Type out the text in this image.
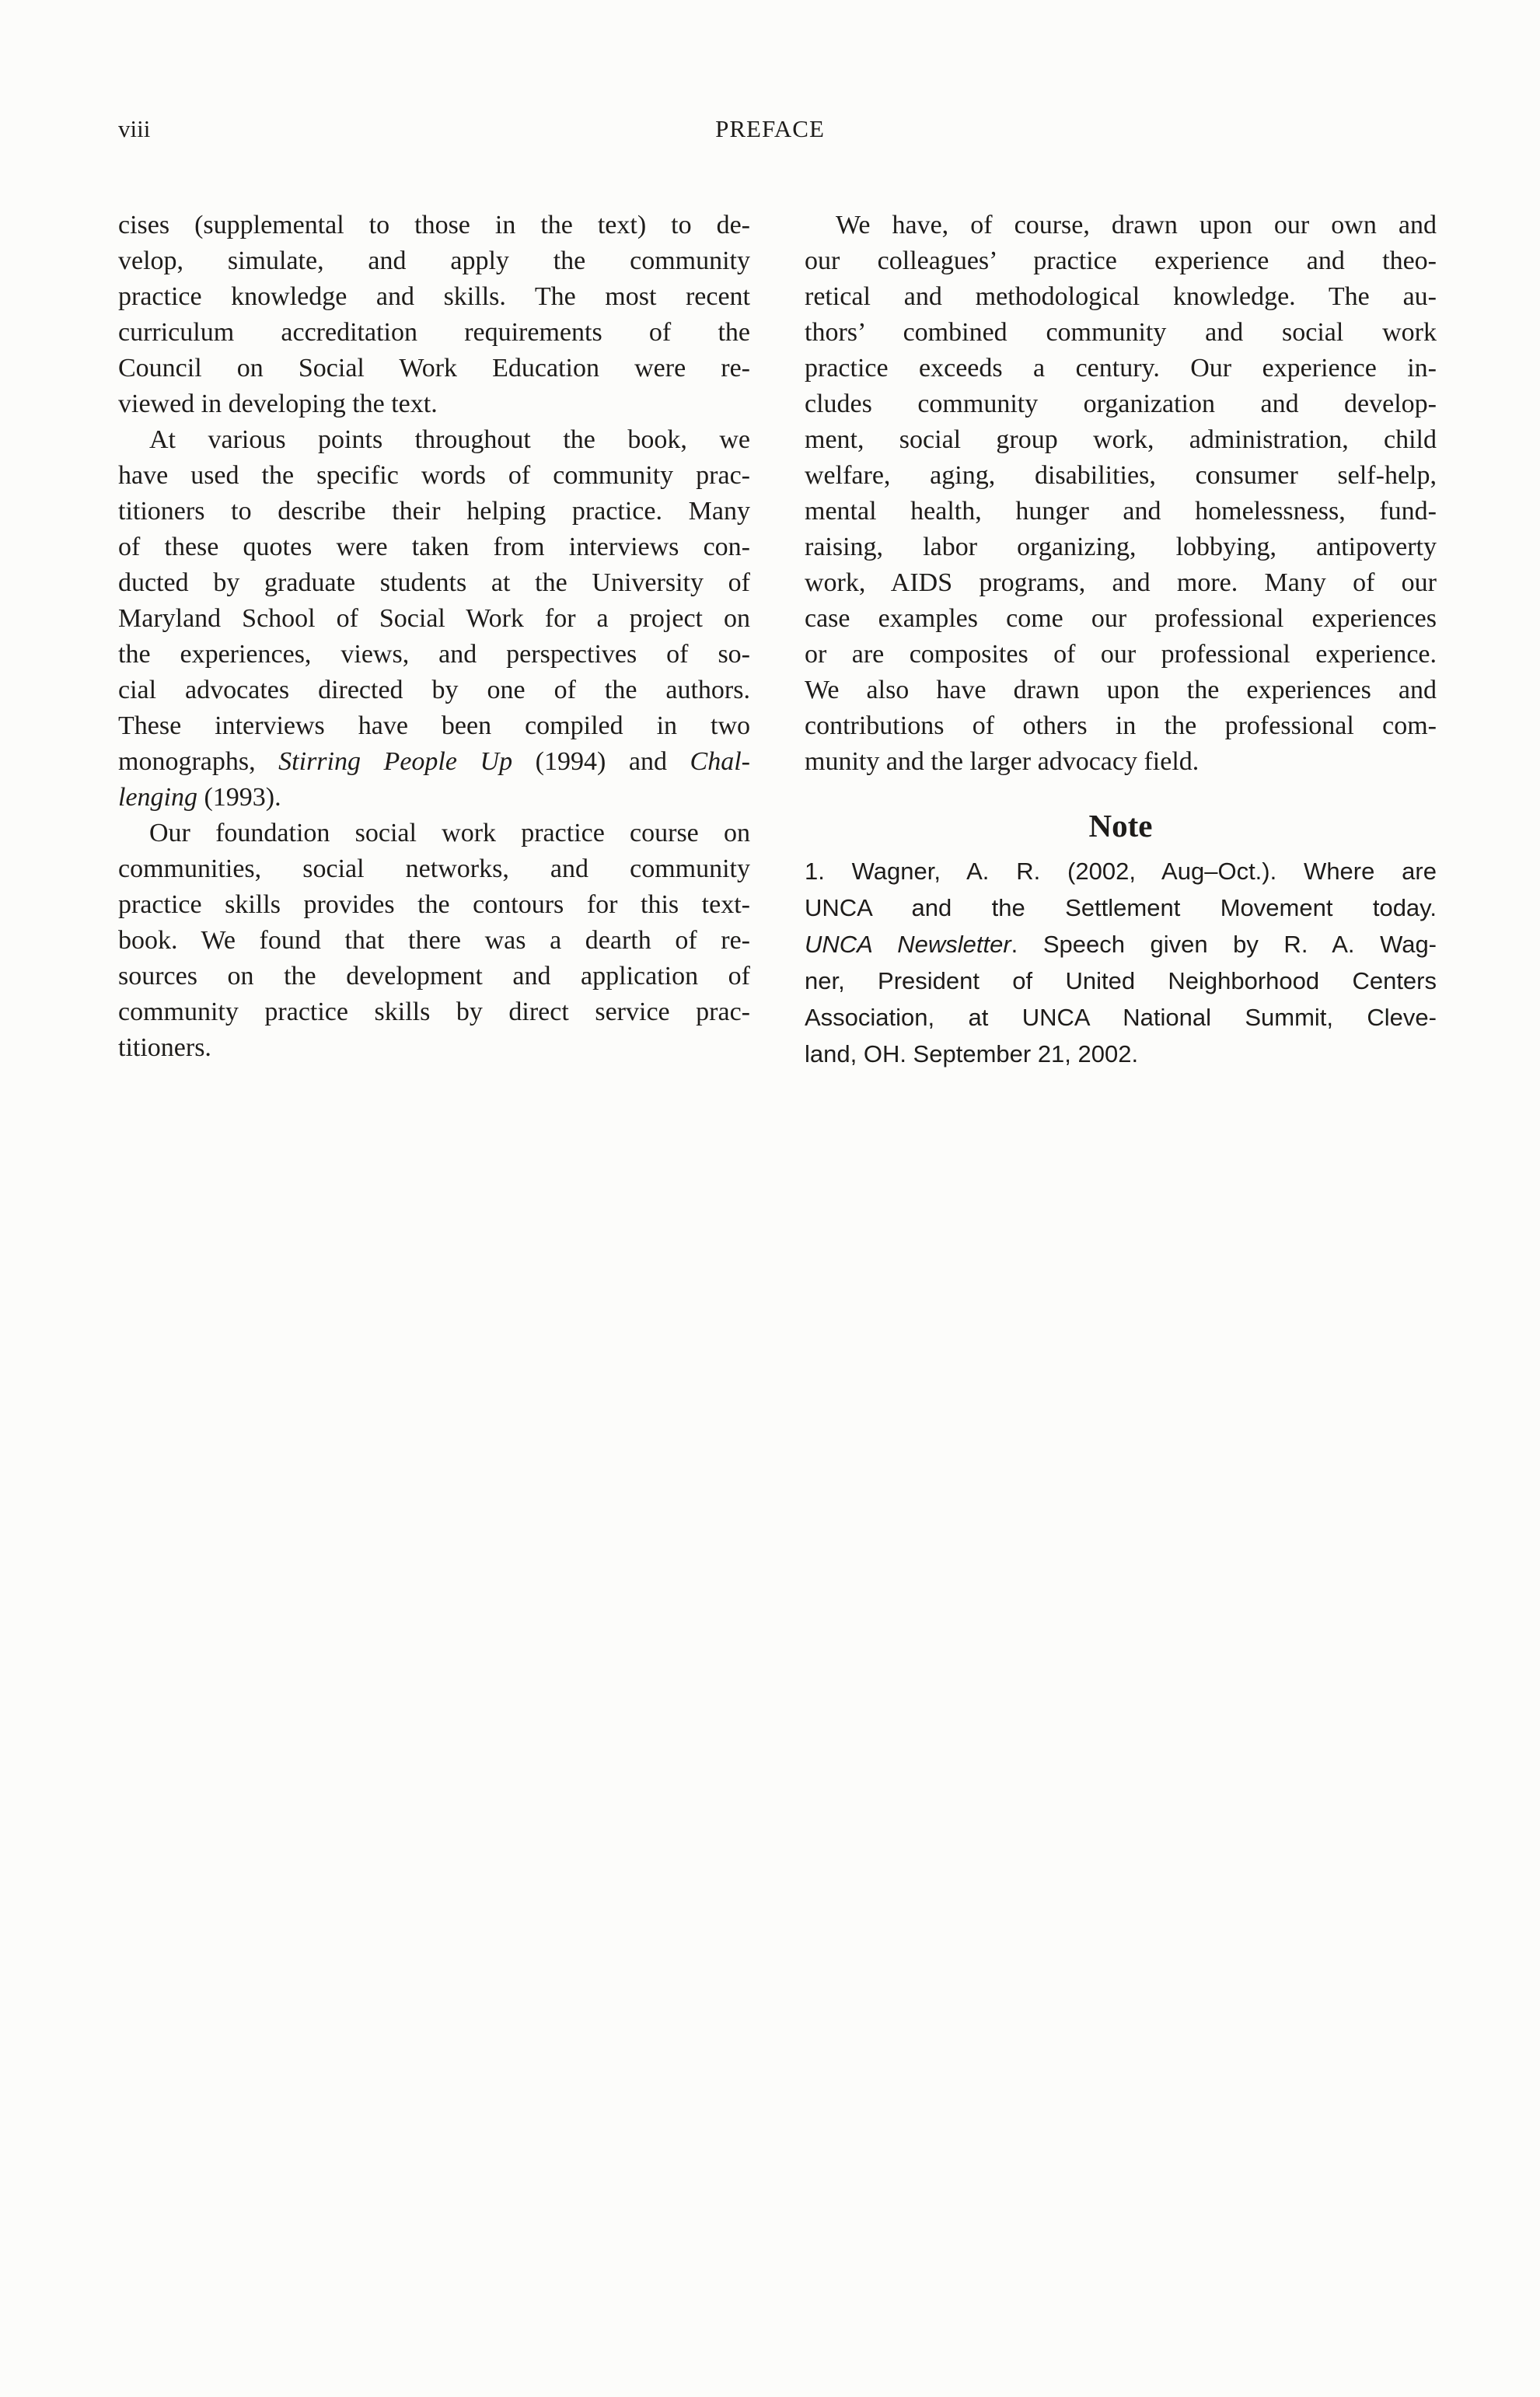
viii	PREFACE
cises (supplemental to those in the text) to de-
velop, simulate, and apply the community
practice knowledge and skills. The most recent
curriculum accreditation requirements of the
Council on Social Work Education were re-
viewed in developing the text.
At various points throughout the book, we
have used the specific words of community prac-
titioners to describe their helping practice. Many
of these quotes were taken from interviews con-
ducted by graduate students at the University of
Maryland School of Social Work for a project on
the experiences, views, and perspectives of so-
cial advocates directed by one of the authors.
These interviews have been compiled in two
monographs, Stirring People Up (1994) and Chal-
lenging (1993).
Our foundation social work practice course on
communities, social networks, and community
practice skills provides the contours for this text-
book. We found that there was a dearth of re-
sources on the development and application of
community practice skills by direct service prac-
titioners.
We have, of course, drawn upon our own and
our colleagues’ practice experience and theo-
retical and methodological knowledge. The au-
thors’ combined community and social work
practice exceeds a century. Our experience in-
cludes community organization and develop-
ment, social group work, administration, child
welfare, aging, disabilities, consumer self-help,
mental health, hunger and homelessness, fund-
raising, labor organizing, lobbying, antipoverty
work, AIDS programs, and more. Many of our
case examples come our professional experiences
or are composites of our professional experience.
We also have drawn upon the experiences and
contributions of others in the professional com-
munity and the larger advocacy field.
Note
1. Wagner, A. R. (2002, Aug–Oct.). Where are
UNCA and the Settlement Movement today.
UNCA Newsletter. Speech given by R. A. Wag-
ner, President of United Neighborhood Centers
Association, at UNCA National Summit, Cleve-
land, OH. September 21, 2002.
